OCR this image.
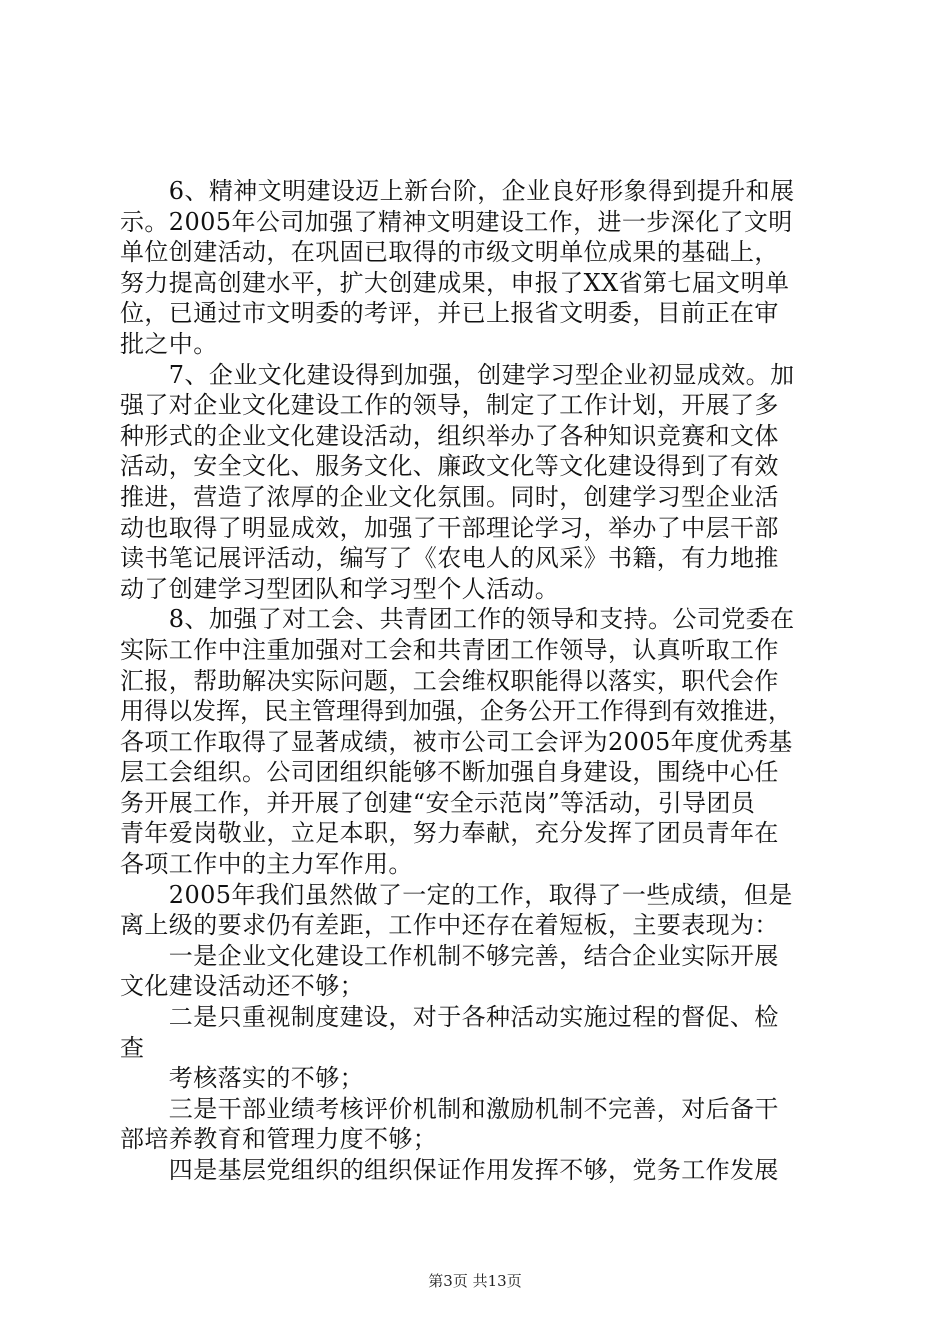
　　6、精神文明建设迈上新台阶，企业良好形象得到提升和展
示。2005年公司加强了精神文明建设工作，进一步深化了文明
单位创建活动，在巩固已取得的市级文明单位成果的基础上，
努力提高创建水平，扩大创建成果，申报了XX省第七届文明单
位，已通过市文明委的考评，并已上报省文明委，目前正在审
批之中。
　　7、企业文化建设得到加强，创建学习型企业初显成效。加
强了对企业文化建设工作的领导，制定了工作计划，开展了多
种形式的企业文化建设活动，组织举办了各种知识竞赛和文体
活动，安全文化、服务文化、廉政文化等文化建设得到了有效
推进，营造了浓厚的企业文化氛围。同时，创建学习型企业活
动也取得了明显成效，加强了干部理论学习，举办了中层干部
读书笔记展评活动，编写了《农电人的风采》书籍，有力地推
动了创建学习型团队和学习型个人活动。
　　8、加强了对工会、共青团工作的领导和支持。公司党委在
实际工作中注重加强对工会和共青团工作领导，认真听取工作
汇报，帮助解决实际问题，工会维权职能得以落实，职代会作
用得以发挥，民主管理得到加强，企务公开工作得到有效推进，
各项工作取得了显著成绩，被市公司工会评为2005年度优秀基
层工会组织。公司团组织能够不断加强自身建设，围绕中心任
务开展工作，并开展了创建“安全示范岗”等活动，引导团员
青年爱岗敬业，立足本职，努力奉献，充分发挥了团员青年在
各项工作中的主力军作用。
　　2005年我们虽然做了一定的工作，取得了一些成绩，但是
离上级的要求仍有差距，工作中还存在着短板，主要表现为：
　　一是企业文化建设工作机制不够完善，结合企业实际开展
文化建设活动还不够；
　　二是只重视制度建设，对于各种活动实施过程的督促、检
查
　　考核落实的不够；
　　三是干部业绩考核评价机制和激励机制不完善，对后备干
部培养教育和管理力度不够；
　　四是基层党组织的组织保证作用发挥不够，党务工作发展
第3页 共13页
